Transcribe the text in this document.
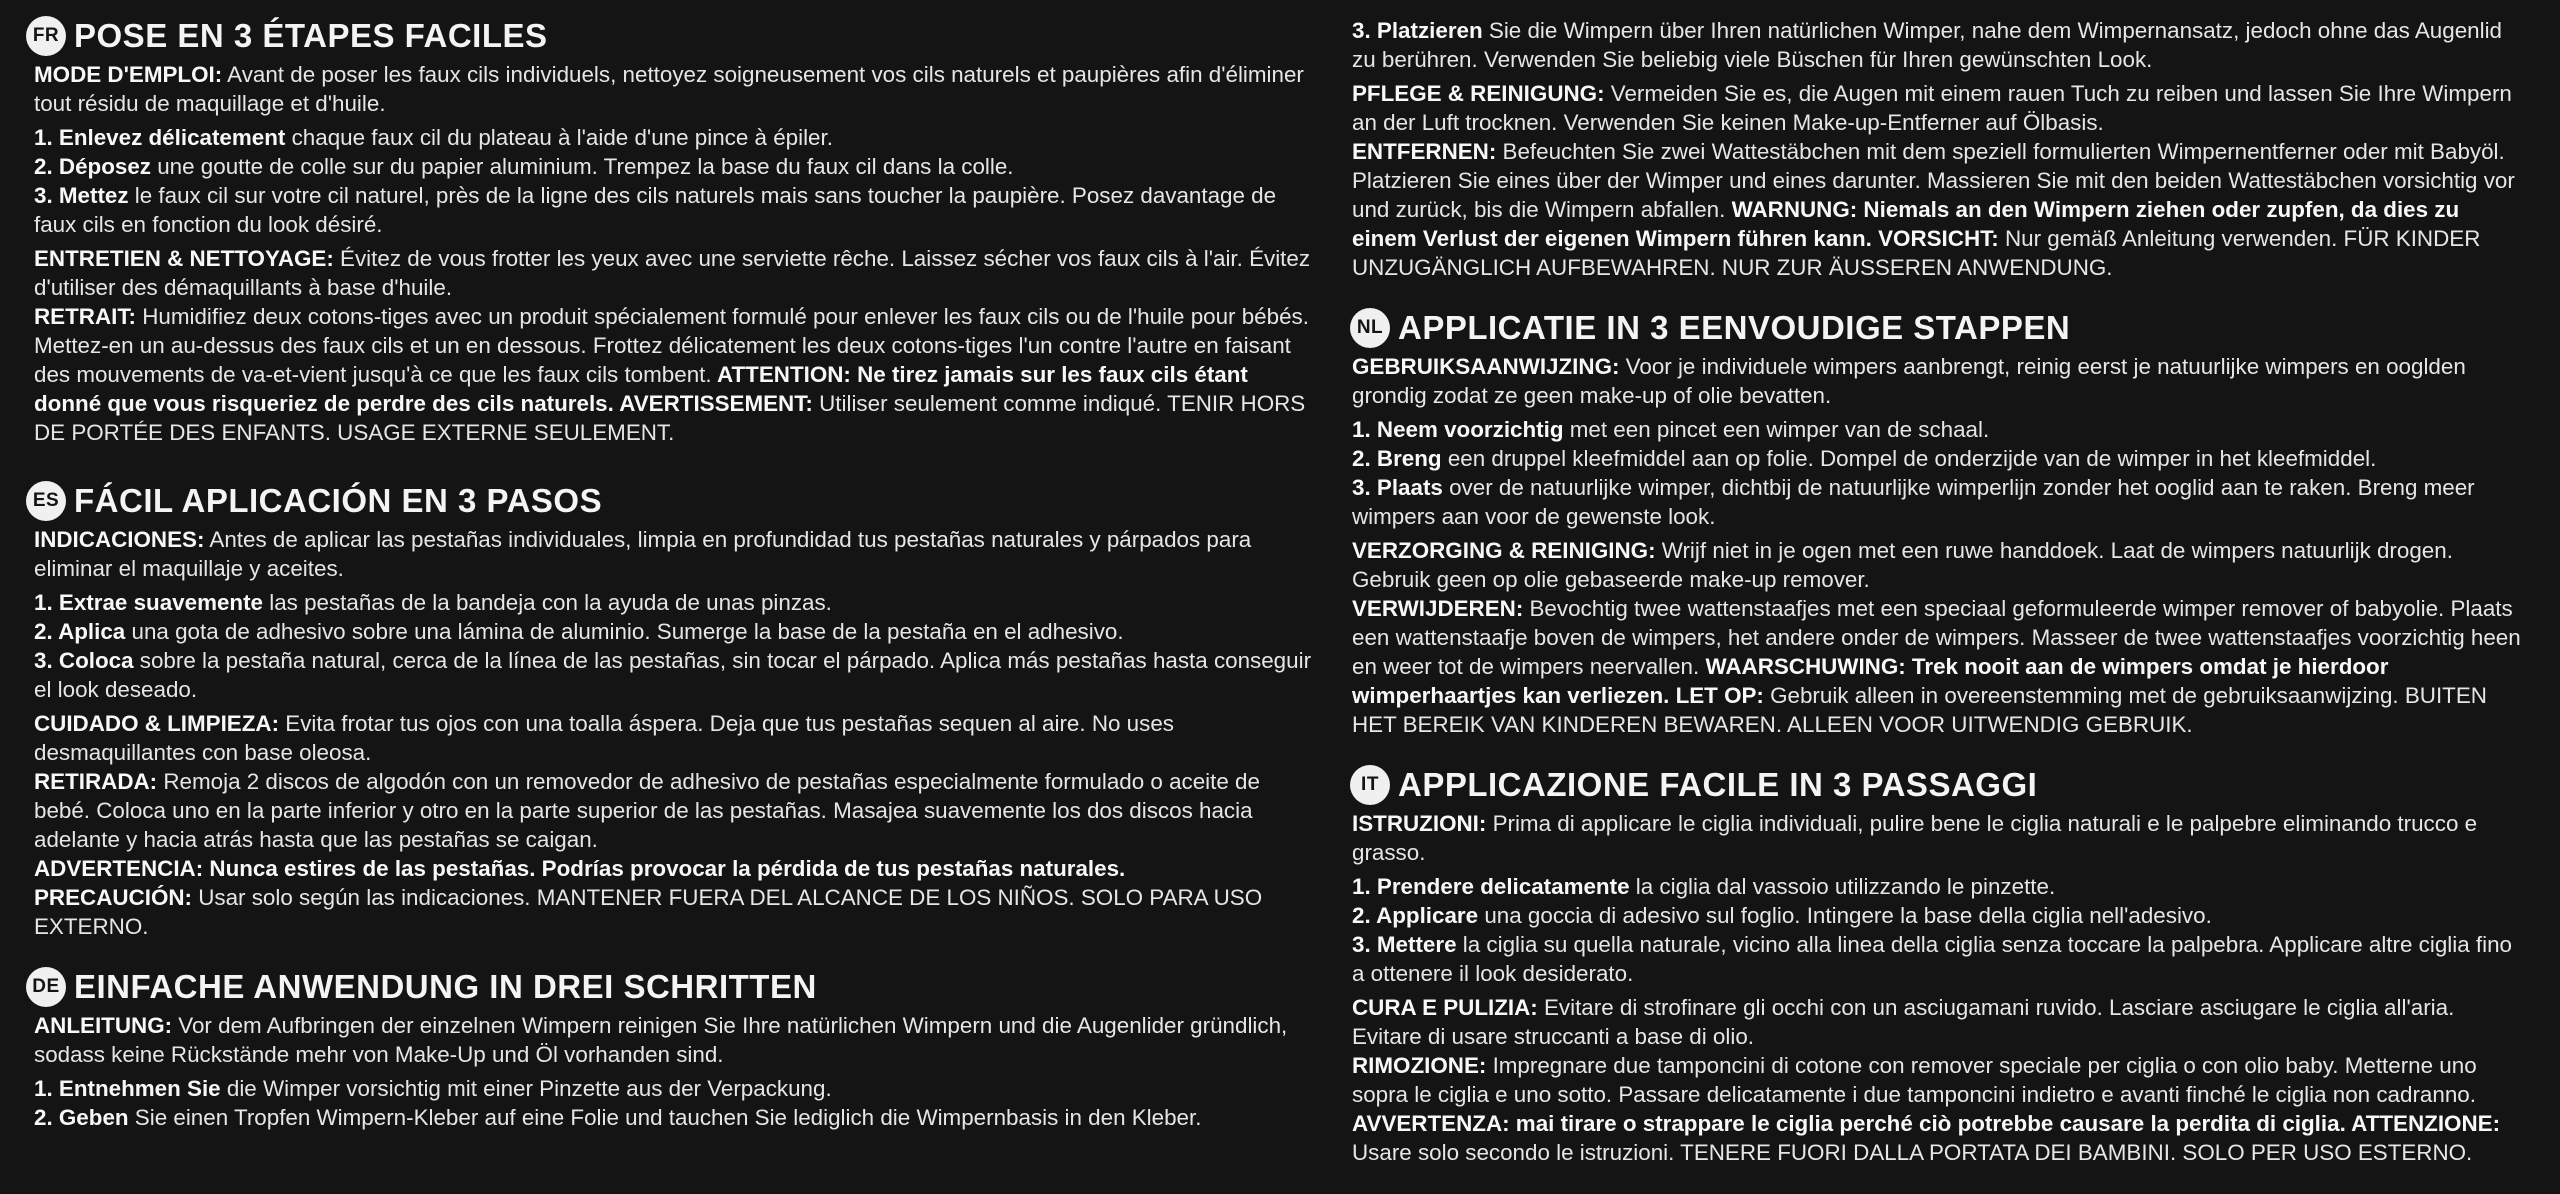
FR POSE EN 3 ÉTAPES FACILES
MODE D'EMPLOI: Avant de poser les faux cils individuels, nettoyez soigneusement vos cils naturels et paupières afin d'éliminer tout résidu de maquillage et d'huile.
1. Enlevez délicatement chaque faux cil du plateau à l'aide d'une pince à épiler.
2. Déposez une goutte de colle sur du papier aluminium. Trempez la base du faux cil dans la colle.
3. Mettez le faux cil sur votre cil naturel, près de la ligne des cils naturels mais sans toucher la paupière. Posez davantage de faux cils en fonction du look désiré.
ENTRETIEN & NETTOYAGE: Évitez de vous frotter les yeux avec une serviette rêche. Laissez sécher vos faux cils à l'air. Évitez d'utiliser des démaquillants à base d'huile.
RETRAIT: Humidifiez deux cotons-tiges avec un produit spécialement formulé pour enlever les faux cils ou de l'huile pour bébés. Mettez-en un au-dessus des faux cils et un en dessous. Frottez délicatement les deux cotons-tiges l'un contre l'autre en faisant des mouvements de va-et-vient jusqu'à ce que les faux cils tombent. ATTENTION: Ne tirez jamais sur les faux cils étant donné que vous risqueriez de perdre des cils naturels. AVERTISSEMENT: Utiliser seulement comme indiqué. TENIR HORS DE PORTÉE DES ENFANTS. USAGE EXTERNE SEULEMENT.
ES FÁCIL APLICACIÓN EN 3 PASOS
INDICACIONES: Antes de aplicar las pestañas individuales, limpia en profundidad tus pestañas naturales y párpados para eliminar el maquillaje y aceites.
1. Extrae suavemente las pestañas de la bandeja con la ayuda de unas pinzas.
2. Aplica una gota de adhesivo sobre una lámina de aluminio. Sumerge la base de la pestaña en el adhesivo.
3. Coloca sobre la pestaña natural, cerca de la línea de las pestañas, sin tocar el párpado. Aplica más pestañas hasta conseguir el look deseado.
CUIDADO & LIMPIEZA: Evita frotar tus ojos con una toalla áspera. Deja que tus pestañas sequen al aire. No uses desmaquillantes con base oleosa.
RETIRADA: Remoja 2 discos de algodón con un removedor de adhesivo de pestañas especialmente formulado o aceite de bebé. Coloca uno en la parte inferior y otro en la parte superior de las pestañas. Masajea suavemente los dos discos hacia adelante y hacia atrás hasta que las pestañas se caigan.
ADVERTENCIA: Nunca estires de las pestañas. Podrías provocar la pérdida de tus pestañas naturales.
PRECAUCIÓN: Usar solo según las indicaciones. MANTENER FUERA DEL ALCANCE DE LOS NIÑOS. SOLO PARA USO EXTERNO.
DE EINFACHE ANWENDUNG IN DREI SCHRITTEN
ANLEITUNG: Vor dem Aufbringen der einzelnen Wimpern reinigen Sie Ihre natürlichen Wimpern und die Augenlider gründlich, sodass keine Rückstände mehr von Make-Up und Öl vorhanden sind.
1. Entnehmen Sie die Wimper vorsichtig mit einer Pinzette aus der Verpackung.
2. Geben Sie einen Tropfen Wimpern-Kleber auf eine Folie und tauchen Sie lediglich die Wimpernbasis in den Kleber.
3. Platzieren Sie die Wimpern über Ihren natürlichen Wimper, nahe dem Wimpernansatz, jedoch ohne das Augenlid zu berühren. Verwenden Sie beliebig viele Büschen für Ihren gewünschten Look.
PFLEGE & REINIGUNG: Vermeiden Sie es, die Augen mit einem rauen Tuch zu reiben und lassen Sie Ihre Wimpern an der Luft trocknen. Verwenden Sie keinen Make-up-Entferner auf Ölbasis.
ENTFERNEN: Befeuchten Sie zwei Wattestäbchen mit dem speziell formulierten Wimpernentferner oder mit Babyöl. Platzieren Sie eines über der Wimper und eines darunter. Massieren Sie mit den beiden Wattestäbchen vorsichtig vor und zurück, bis die Wimpern abfallen. WARNUNG: Niemals an den Wimpern ziehen oder zupfen, da dies zu einem Verlust der eigenen Wimpern führen kann. VORSICHT: Nur gemäß Anleitung verwenden. FÜR KINDER UNZUGÄNGLICH AUFBEWAHREN. NUR ZUR ÄUSSEREN ANWENDUNG.
NL APPLICATIE IN 3 EENVOUDIGE STAPPEN
GEBRUIKSAANWIJZING: Voor je individuele wimpers aanbrengt, reinig eerst je natuurlijke wimpers en ooglden grondig zodat ze geen make-up of olie bevatten.
1. Neem voorzichtig met een pincet een wimper van de schaal.
2. Breng een druppel kleefmiddel aan op folie. Dompel de onderzijde van de wimper in het kleefmiddel.
3. Plaats over de natuurlijke wimper, dichtbij de natuurlijke wimperlijn zonder het ooglid aan te raken. Breng meer wimpers aan voor de gewenste look.
VERZORGING & REINIGING: Wrijf niet in je ogen met een ruwe handdoek. Laat de wimpers natuurlijk drogen. Gebruik geen op olie gebaseerde make-up remover.
VERWIJDEREN: Bevochtig twee wattenstaafjes met een speciaal geformuleerde wimper remover of babyolie. Plaats een wattenstaafje boven de wimpers, het andere onder de wimpers. Masseer de twee wattenstaafjes voorzichtig heen en weer tot de wimpers neervallen. WAARSCHUWING: Trek nooit aan de wimpers omdat je hierdoor wimperhaartjes kan verliezen. LET OP: Gebruik alleen in overeenstemming met de gebruiksaanwijzing. BUITEN HET BEREIK VAN KINDEREN BEWAREN. ALLEEN VOOR UITWENDIG GEBRUIK.
IT APPLICAZIONE FACILE IN 3 PASSAGGI
ISTRUZIONI: Prima di applicare le ciglia individuali, pulire bene le ciglia naturali e le palpebre eliminando trucco e grasso.
1. Prendere delicatamente la ciglia dal vassoio utilizzando le pinzette.
2. Applicare una goccia di adesivo sul foglio. Intingere la base della ciglia nell'adesivo.
3. Mettere la ciglia su quella naturale, vicino alla linea della ciglia senza toccare la palpebra. Applicare altre ciglia fino a ottenere il look desiderato.
CURA E PULIZIA: Evitare di strofinare gli occhi con un asciugamani ruvido. Lasciare asciugare le ciglia all'aria. Evitare di usare struccanti a base di olio.
RIMOZIONE: Impregnare due tamponcini di cotone con remover speciale per ciglia o con olio baby. Metterne uno sopra le ciglia e uno sotto. Passare delicatamente i due tamponcini indietro e avanti finché le ciglia non cadranno. AVVERTENZA: mai tirare o strappare le ciglia perché ciò potrebbe causare la perdita di ciglia. ATTENZIONE: Usare solo secondo le istruzioni. TENERE FUORI DALLA PORTATA DEI BAMBINI. SOLO PER USO ESTERNO.
